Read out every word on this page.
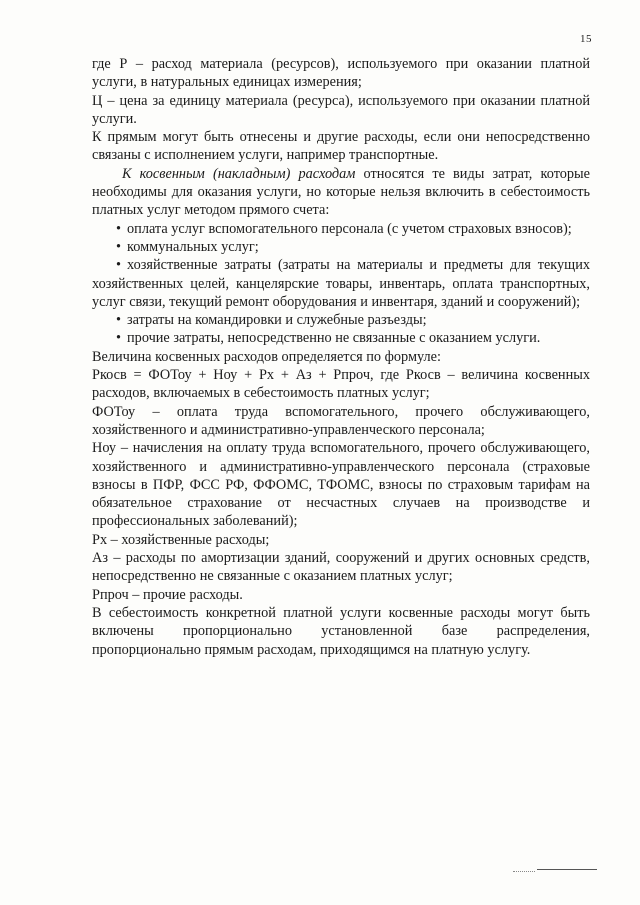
15

где Р – расход материала (ресурсов), используемого при оказании платной услуги, в натуральных единицах измерения;

Ц – цена за единицу материала (ресурса), используемого при оказании платной услуги.

К прямым могут быть отнесены и другие расходы, если они непосредственно связаны с исполнением услуги, например транспортные.

К косвенным (накладным) расходам относятся те виды затрат, которые необходимы для оказания услуги, но которые нельзя включить в себестоимость платных услуг методом прямого счета:

• оплата услуг вспомогательного персонала (с учетом страховых взносов);

• коммунальных услуг;

• хозяйственные затраты (затраты на материалы и предметы для текущих хозяйственных целей, канцелярские товары, инвентарь, оплата транспортных, услуг связи, текущий ремонт оборудования и инвентаря, зданий и сооружений);

• затраты на командировки и служебные разъезды;

• прочие затраты, непосредственно не связанные с оказанием услуги.

Величина косвенных расходов определяется по формуле:

Ркосв = ФОТоу + Ноу + Рх + Аз + Рпроч, где Ркосв – величина косвенных расходов, включаемых в себестоимость платных услуг;

ФОТоу – оплата труда вспомогательного, прочего обслуживающего, хозяйственного и административно-управленческого персонала;

Ноу – начисления на оплату труда вспомогательного, прочего обслуживающего, хозяйственного и административно-управленческого персонала (страховые взносы в ПФР, ФСС РФ, ФФОМС, ТФОМС, взносы по страховым тарифам на обязательное страхование от несчастных случаев на производстве и профессиональных заболеваний);

Рх – хозяйственные расходы;

Аз – расходы по амортизации зданий, сооружений и других основных средств, непосредственно не связанные с оказанием платных услуг;

Рпроч – прочие расходы.

В себестоимость конкретной платной услуги косвенные расходы могут быть включены пропорционально установленной базе распределения, пропорционально прямым расходам, приходящимся на платную услугу.
